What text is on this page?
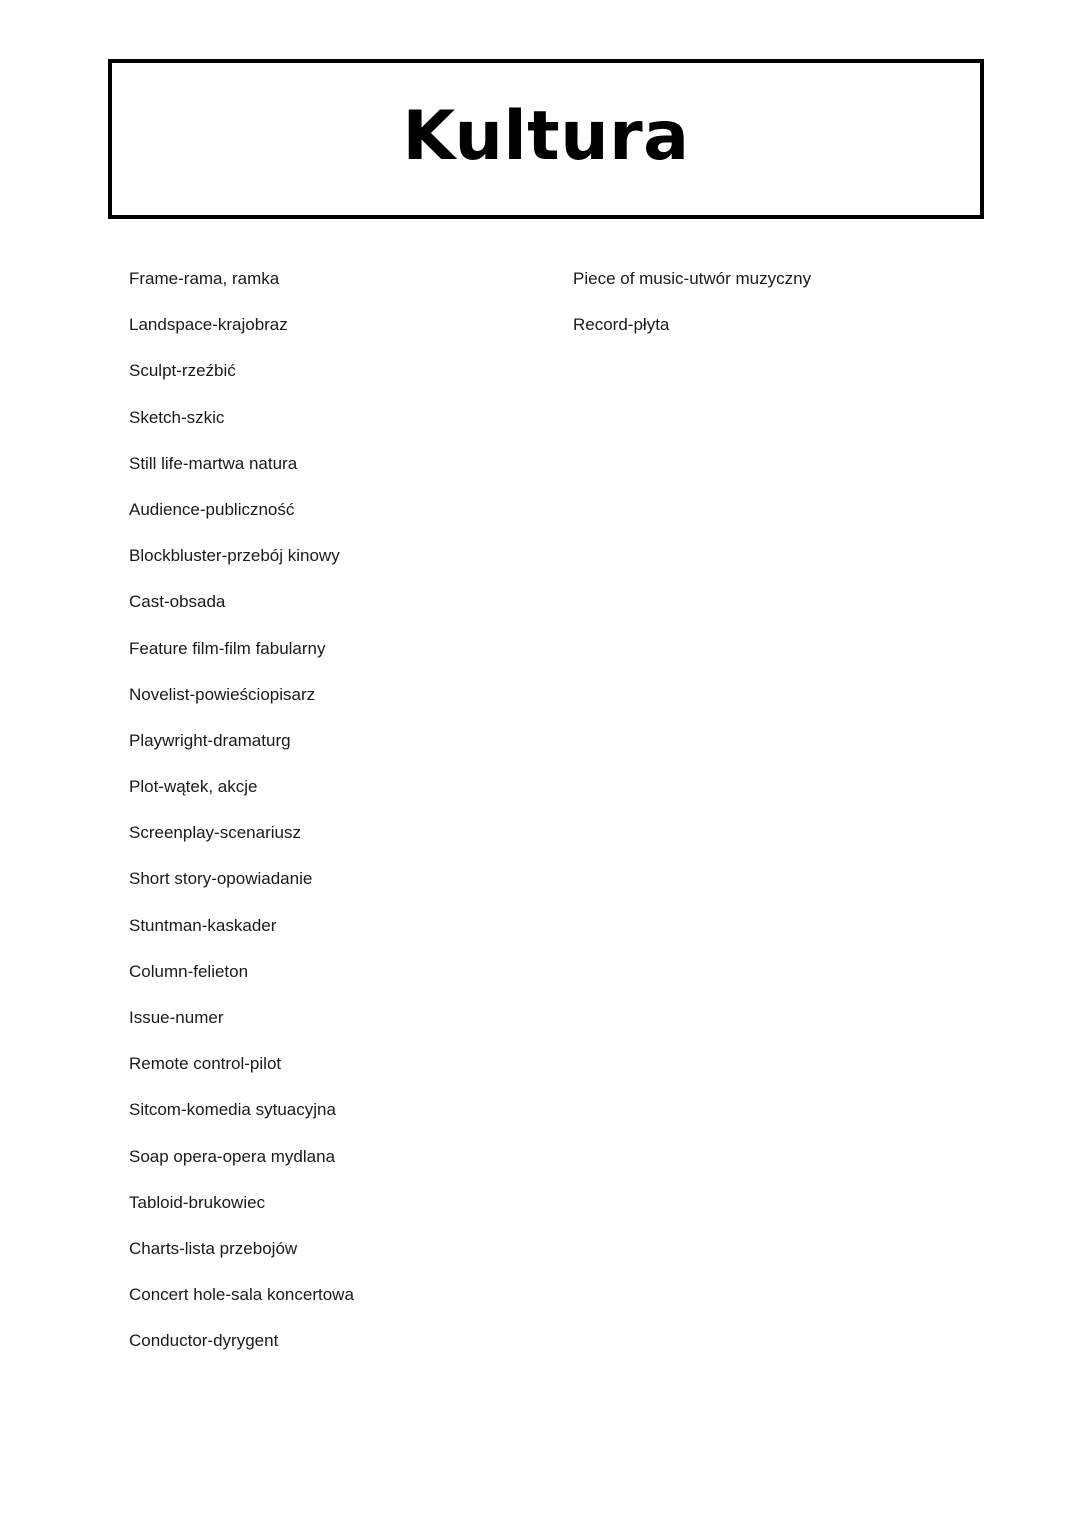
Kultura
Frame-rama, ramka
Landspace-krajobraz
Sculpt-rzeźbić
Sketch-szkic
Still life-martwa natura
Audience-publiczność
Blockbluster-przebój kinowy
Cast-obsada
Feature film-film fabularny
Novelist-powieściopisarz
Playwright-dramaturg
Plot-wątek, akcje
Screenplay-scenariusz
Short story-opowiadanie
Stuntman-kaskader
Column-felieton
Issue-numer
Remote control-pilot
Sitcom-komedia sytuacyjna
Soap opera-opera mydlana
Tabloid-brukowiec
Charts-lista przebojów
Concert hole-sala koncertowa
Conductor-dyrygent
Piece of music-utwór muzyczny
Record-płyta
